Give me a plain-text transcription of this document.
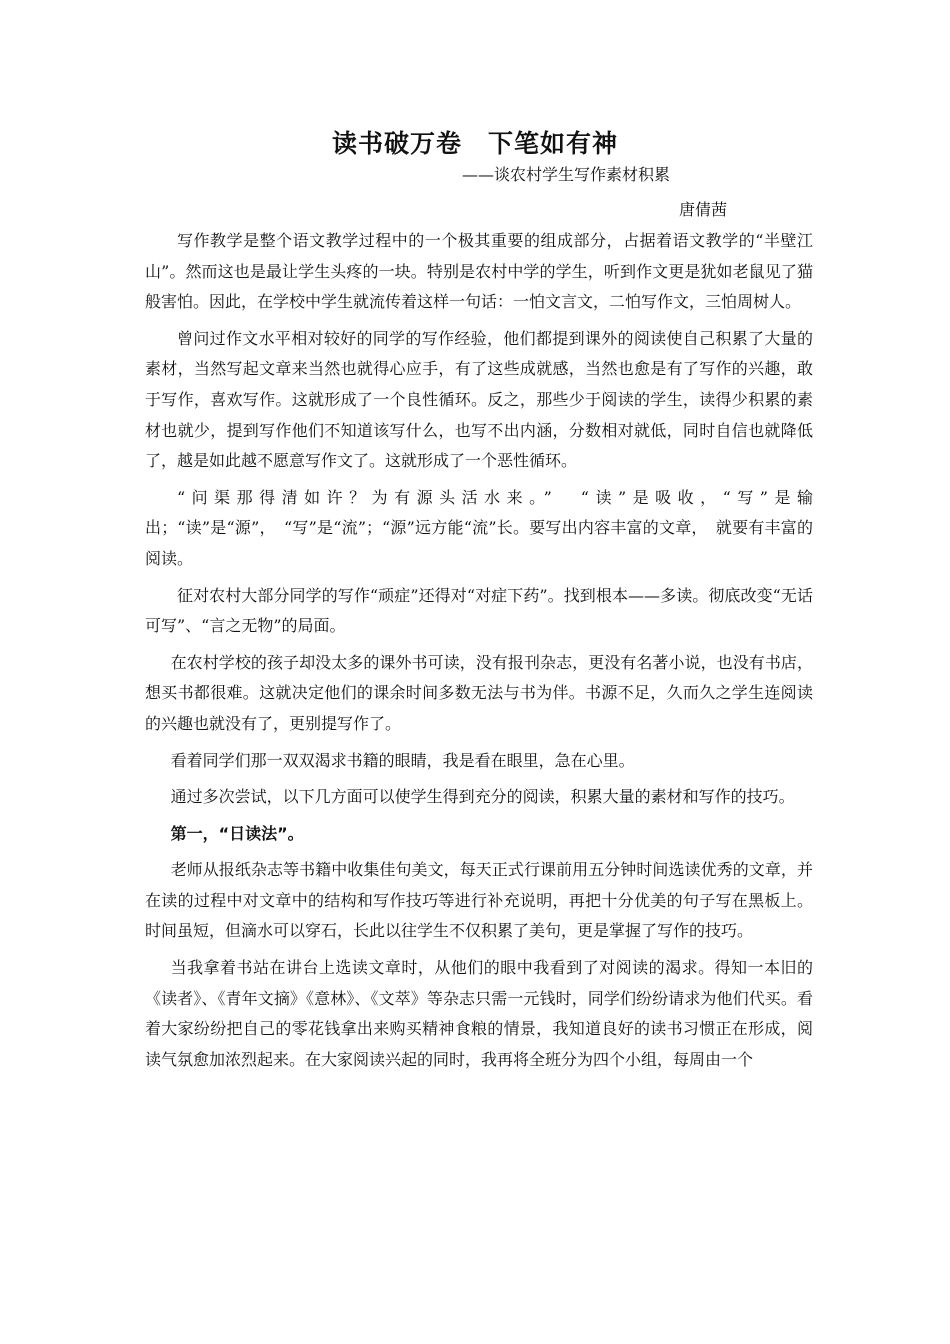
读书破万卷　下笔如有神
——谈农村学生写作素材积累
唐倩茜

写作教学是整个语文教学过程中的一个极其重要的组成部分，占据着语文教学的“半壁江山”。然而这也是最让学生头疼的一块。特别是农村中学的学生，听到作文更是犹如老鼠见了猫般害怕。因此，在学校中学生就流传着这样一句话：一怕文言文，二怕写作文，三怕周树人。

曾问过作文水平相对较好的同学的写作经验，他们都提到课外的阅读使自己积累了大量的素材，当然写起文章来当然也就得心应手，有了这些成就感，当然也愈是有了写作的兴趣，敢于写作，喜欢写作。这就形成了一个良性循环。反之，那些少于阅读的学生，读得少积累的素材也就少，提到写作他们不知道该写什么，也写不出内涵，分数相对就低，同时自信也就降低了，越是如此越不愿意写作文了。这就形成了一个恶性循环。

“问渠那得清如许？为有源头活水来。”　“读”是吸收，“写”是输出；“读”是“源”，　“写”是“流”；“源”远方能“流”长。要写出内容丰富的文章，　就要有丰富的阅读。

征对农村大部分同学的写作“顽症”还得对“对症下药”。找到根本——多读。彻底改变“无话可写”、“言之无物”的局面。

在农村学校的孩子却没太多的课外书可读，没有报刊杂志，更没有名著小说，也没有书店，想买书都很难。这就决定他们的课余时间多数无法与书为伴。书源不足，久而久之学生连阅读的兴趣也就没有了，更别提写作了。

看着同学们那一双双渴求书籍的眼睛，我是看在眼里，急在心里。

通过多次尝试，以下几方面可以使学生得到充分的阅读，积累大量的素材和写作的技巧。

第一，“日读法”。

老师从报纸杂志等书籍中收集佳句美文，每天正式行课前用五分钟时间选读优秀的文章，并在读的过程中对文章中的结构和写作技巧等进行补充说明，再把十分优美的句子写在黑板上。时间虽短，但滴水可以穿石，长此以往学生不仅积累了美句，更是掌握了写作的技巧。

当我拿着书站在讲台上选读文章时，从他们的眼中我看到了对阅读的渴求。得知一本旧的《读者》、《青年文摘》《意林》、《文萃》等杂志只需一元钱时，同学们纷纷请求为他们代买。看着大家纷纷把自己的零花钱拿出来购买精神食粮的情景，我知道良好的读书习惯正在形成，阅读气氛愈加浓烈起来。在大家阅读兴起的同时，我再将全班分为四个小组，每周由一个
